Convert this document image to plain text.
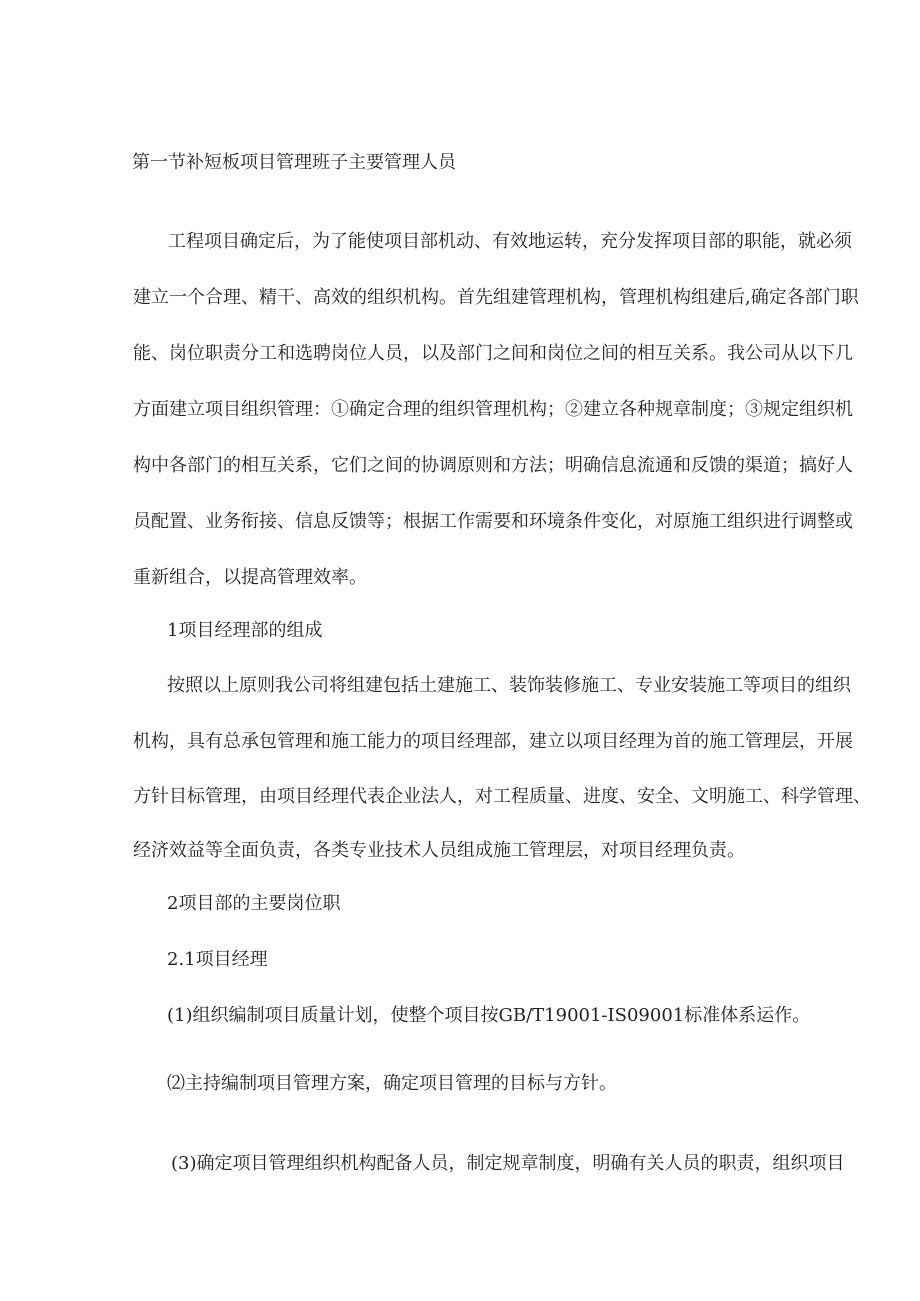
第一节补短板项目管理班子主要管理人员
工程项目确定后，为了能使项目部机动、有效地运转，充分发挥项目部的职能，就必须
建立一个合理、精干、高效的组织机构。首先组建管理机构，管理机构组建后,确定各部门职
能、岗位职责分工和选聘岗位人员，以及部门之间和岗位之间的相互关系。我公司从以下几
方面建立项目组织管理：①确定合理的组织管理机构；②建立各种规章制度；③规定组织机
构中各部门的相互关系，它们之间的协调原则和方法；明确信息流通和反馈的渠道；搞好人
员配置、业务衔接、信息反馈等；根据工作需要和环境条件变化，对原施工组织进行调整或
重新组合，以提高管理效率。
1项目经理部的组成
按照以上原则我公司将组建包括土建施工、装饰装修施工、专业安装施工等项目的组织
机构，具有总承包管理和施工能力的项目经理部，建立以项目经理为首的施工管理层，开展
方针目标管理，由项目经理代表企业法人，对工程质量、进度、安全、文明施工、科学管理、
经济效益等全面负责，各类专业技术人员组成施工管理层，对项目经理负责。
2项目部的主要岗位职
2.1项目经理
(1)组织编制项目质量计划，使整个项目按GB/T19001-IS09001标准体系运作。
⑵主持编制项目管理方案，确定项目管理的目标与方针。
(3)确定项目管理组织机构配备人员，制定规章制度，明确有关人员的职责，组织项目
